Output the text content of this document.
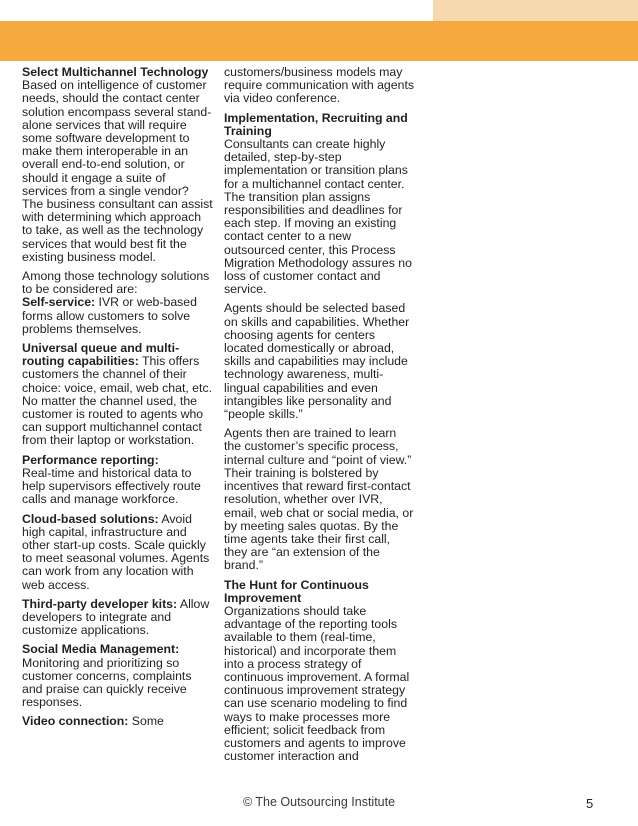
Select Multichannel Technology
Based on intelligence of customer needs, should the contact center solution encompass several stand-alone services that will require some software development to make them interoperable in an overall end-to-end solution, or should it engage a suite of services from a single vendor? The business consultant can assist with determining which approach to take, as well as the technology services that would best fit the existing business model.
Among those technology solutions to be considered are:
Self-service: IVR or web-based forms allow customers to solve problems themselves.
Universal queue and multi-routing capabilities: This offers customers the channel of their choice: voice, email, web chat, etc. No matter the channel used, the customer is routed to agents who can support multichannel contact from their laptop or workstation.
Performance reporting:
Real-time and historical data to help supervisors effectively route calls and manage workforce.
Cloud-based solutions: Avoid high capital, infrastructure and other start-up costs. Scale quickly to meet seasonal volumes. Agents can work from any location with web access.
Third-party developer kits: Allow developers to integrate and customize applications.
Social Media Management:
Monitoring and prioritizing so customer concerns, complaints and praise can quickly receive responses.
Video connection: Some
customers/business models may require communication with agents via video conference.
Implementation, Recruiting and Training
Consultants can create highly detailed, step-by-step implementation or transition plans for a multichannel contact center. The transition plan assigns responsibilities and deadlines for each step. If moving an existing contact center to a new outsourced center, this Process Migration Methodology assures no loss of customer contact and service.
Agents should be selected based on skills and capabilities. Whether choosing agents for centers located domestically or abroad, skills and capabilities may include technology awareness, multi-lingual capabilities and even intangibles like personality and “people skills.”
Agents then are trained to learn the customer’s specific process, internal culture and “point of view.” Their training is bolstered by incentives that reward first-contact resolution, whether over IVR, email, web chat or social media, or by meeting sales quotas. By the time agents take their first call, they are “an extension of the brand.”
The Hunt for Continuous Improvement
Organizations should take advantage of the reporting tools available to them (real-time, historical) and incorporate them into a process strategy of continuous improvement. A formal continuous improvement strategy can use scenario modeling to find ways to make processes more efficient; solicit feedback from customers and agents to improve customer interaction and
© The Outsourcing Institute	5
